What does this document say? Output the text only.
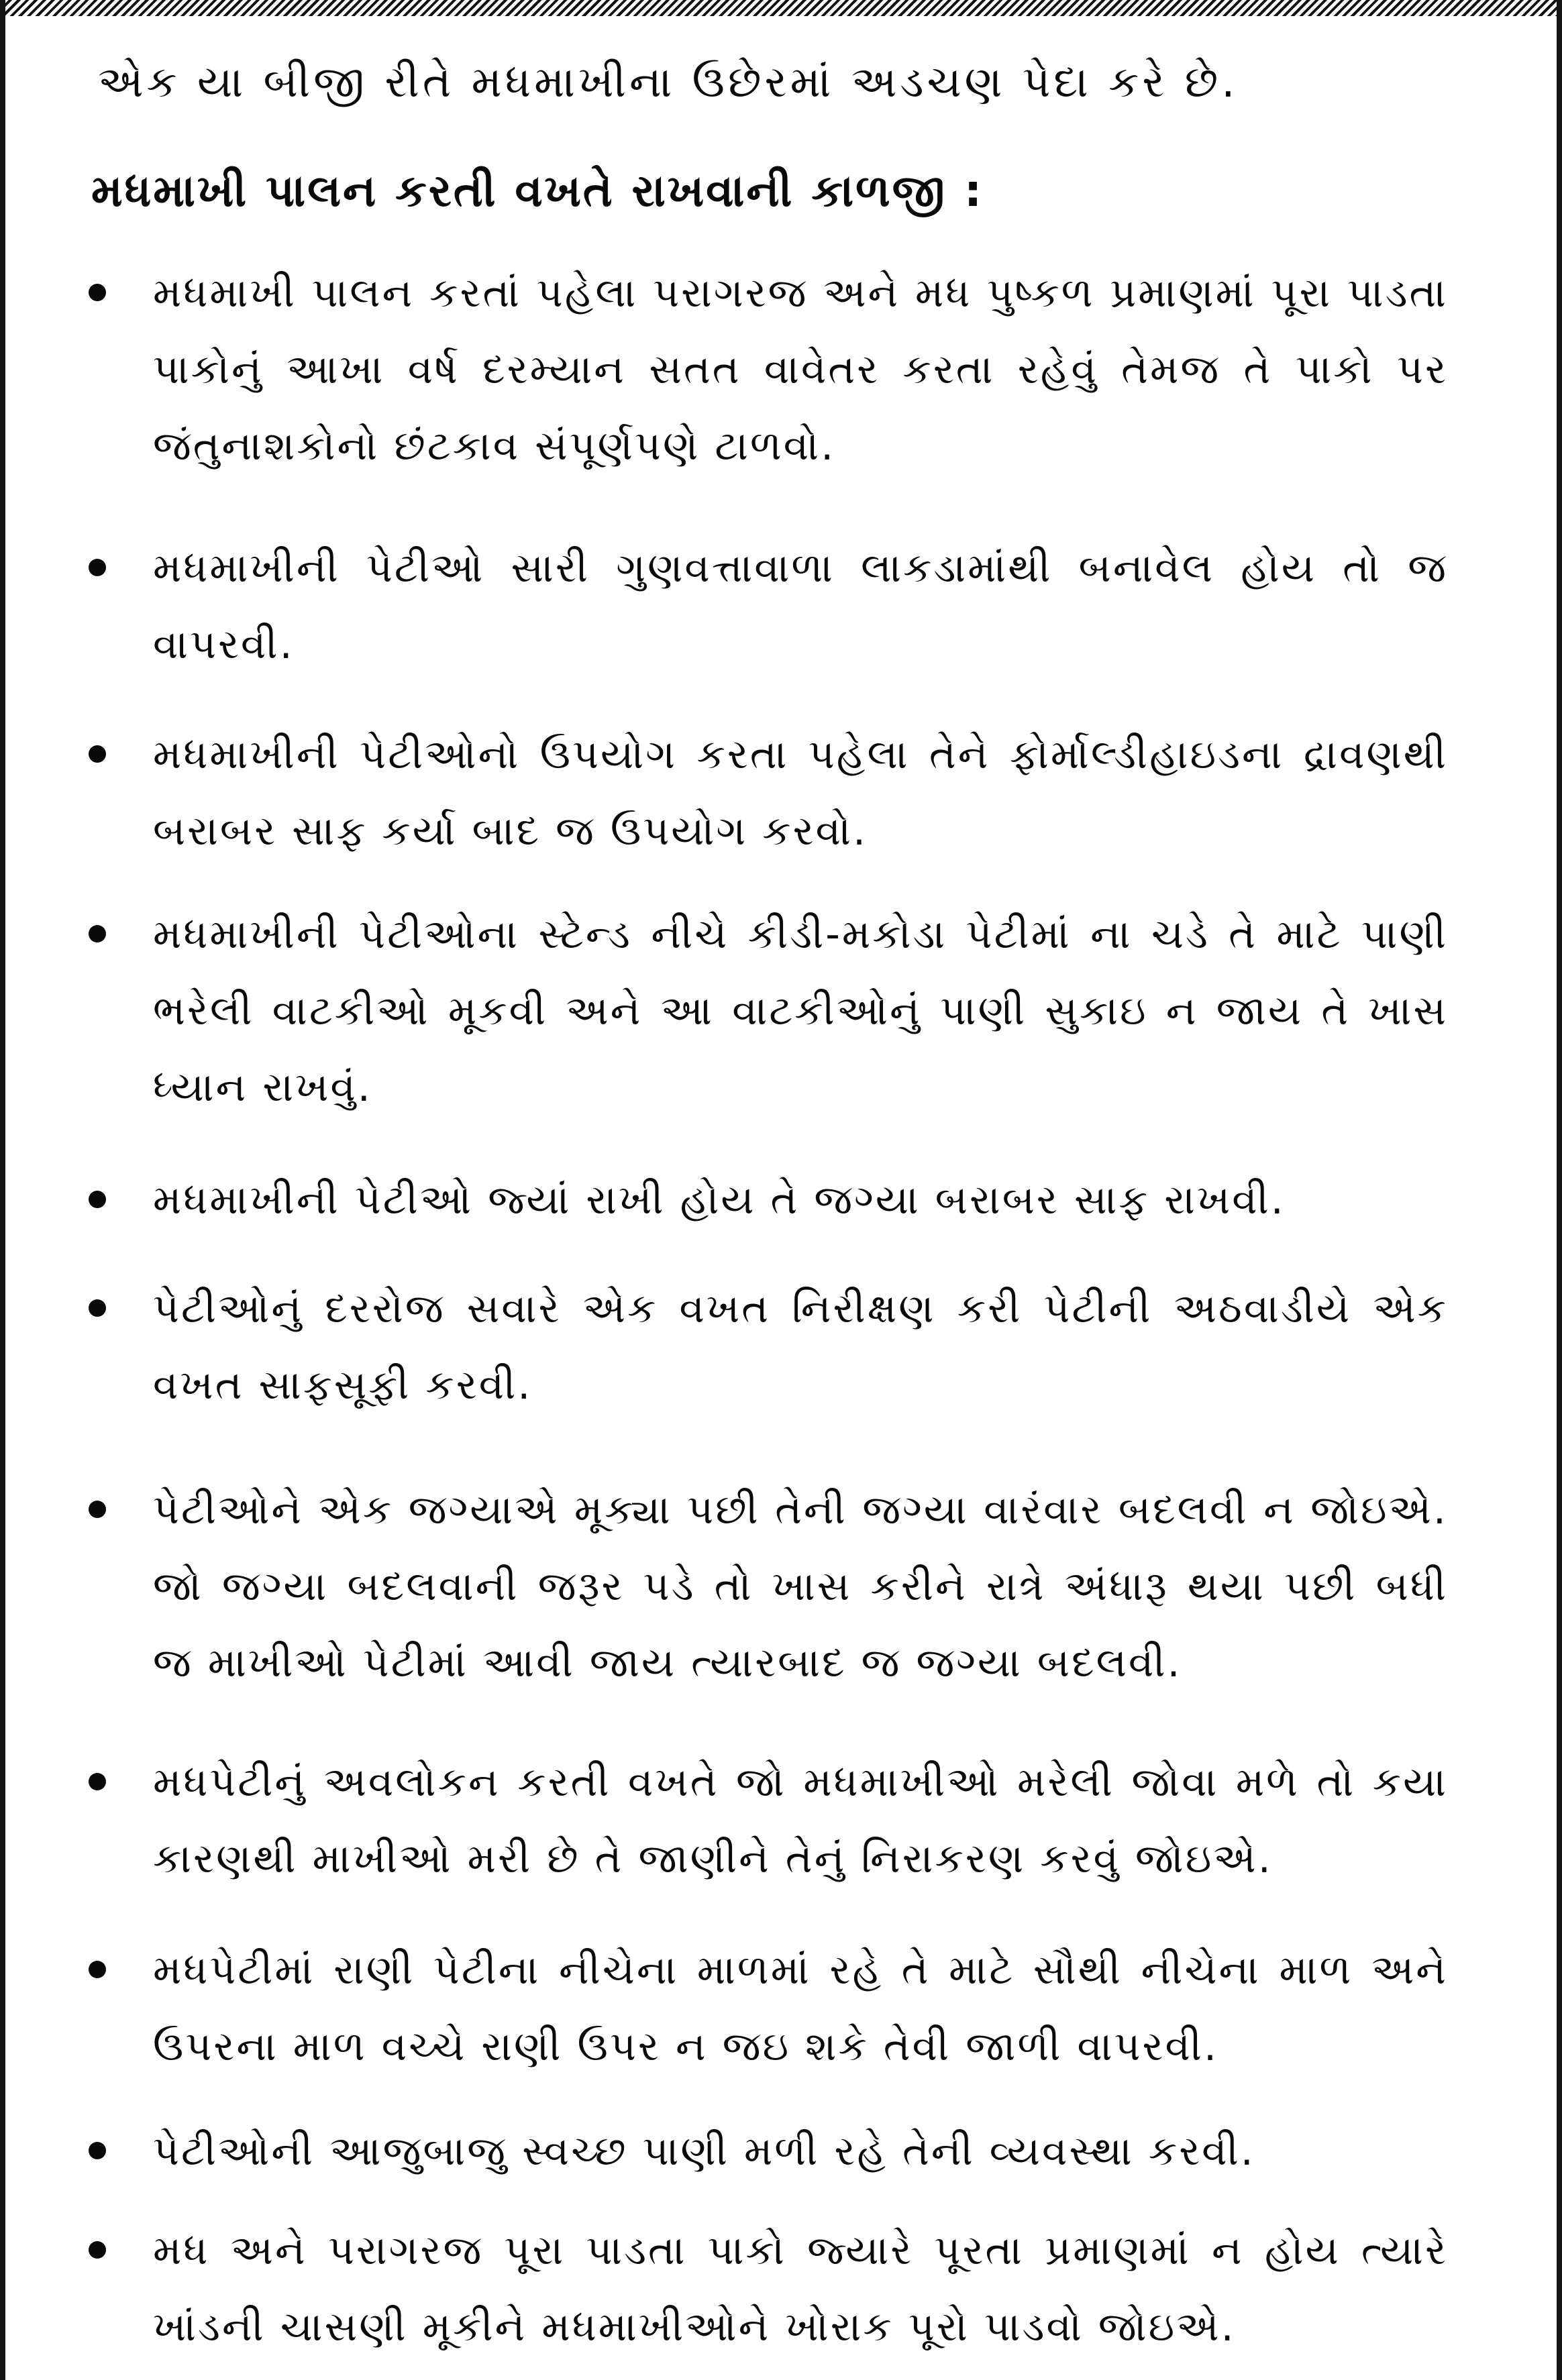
એક યા બીજી રીતે મધમાખીના ઉછેરમાં અડચણ પેદા કરે છે.
મધમાખી પાલન કરતી વખતે રાખવાની કાળજી :
મધમાખી પાલન કરતાં પહેલા પરાગરજ અને મધ પુષ્કળ પ્રમાણમાં પૂરા પાડતા પાકોનું આખા વર્ષ દરમ્યાન સતત વાવેતર કરતા રહેવું તેમજ તે પાકો પર જંતુનાશકોનો છંટકાવ સંપૂર્ણપણે ટાળવો.
મધમાખીની પેટીઓ સારી ગુણવત્તાવાળા લાકડામાંથી બનાવેલ હોય તો જ વાપરવી.
મધમાખીની પેટીઓનો ઉપયોગ કરતા પહેલા તેને ફોર્માલ્ડીહાઇડના દ્રાવણથી બરાબર સાફ કર્યા બાદ જ ઉપયોગ કરવો.
મધમાખીની પેટીઓના સ્ટેન્ડ નીચે કીડી-મકોડા પેટીમાં ના ચડે તે માટે પાણી ભરેલી વાટકીઓ મૂકવી અને આ વાટકીઓનું પાણી સુકાઇ ન જાય તે ખાસ ધ્યાન રાખવું.
મધમાખીની પેટીઓ જ્યાં રાખી હોય તે જગ્યા બરાબર સાફ રાખવી.
પેટીઓનું દરરોજ સવારે એક વખત નિરીક્ષણ કરી પેટીની અઠવાડીયે એક વખત સાફસૂફી કરવી.
પેટીઓને એક જગ્યાએ મૂક્યા પછી તેની જગ્યા વારંવાર બદલવી ન જોઇએ. જો જગ્યા બદલવાની જરૂર પડે તો ખાસ કરીને રાત્રે અંધારૂ થયા પછી બધી જ માખીઓ પેટીમાં આવી જાય ત્યારબાદ જ જગ્યા બદલવી.
મધપેટીનું અવલોકન કરતી વખતે જો મધમાખીઓ મરેલી જોવા મળે તો કયા કારણથી માખીઓ મરી છે તે જાણીને તેનું નિરાકરણ કરવું જોઇએ.
મધપેટીમાં રાણી પેટીના નીચેના માળમાં રહે તે માટે સૌથી નીચેના માળ અને ઉપરના માળ વચ્ચે રાણી ઉપર ન જઇ શકે તેવી જાળી વાપરવી.
પેટીઓની આજુબાજુ સ્વચ્છ પાણી મળી રહે તેની વ્યવસ્થા કરવી.
મધ અને પરાગરજ પૂરા પાડતા પાકો જ્યારે પૂરતા પ્રમાણમાં ન હોય ત્યારે ખાંડની ચાસણી મૂકીને મધમાખીઓને ખોરાક પૂરો પાડવો જોઇએ.
